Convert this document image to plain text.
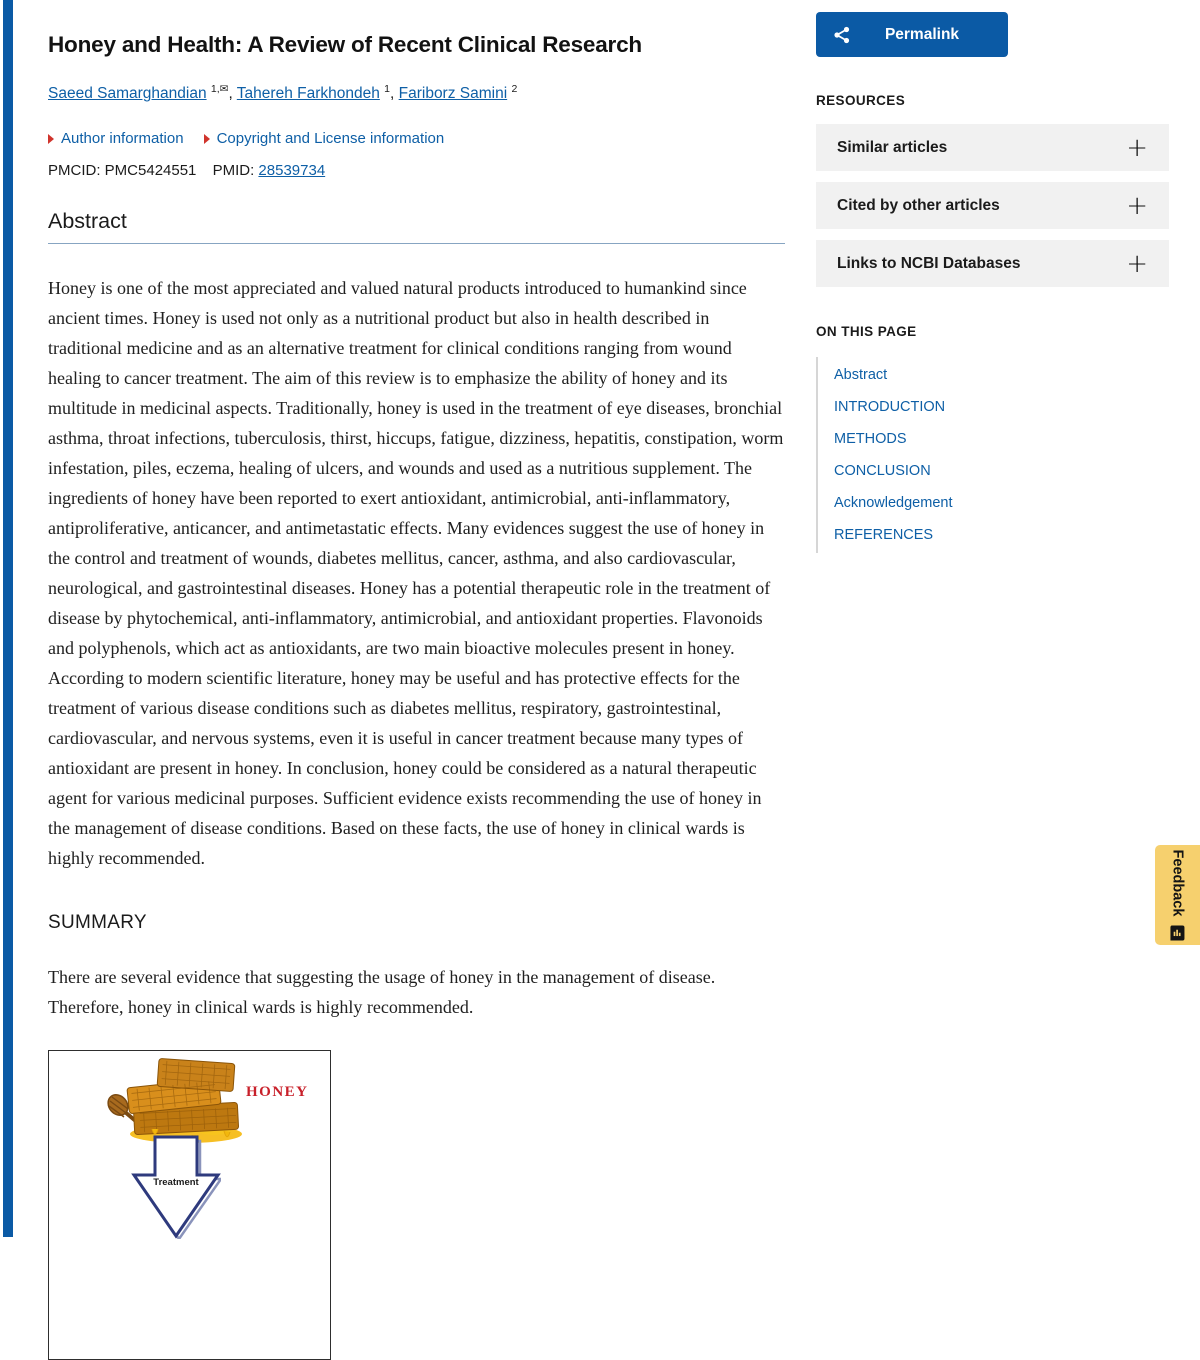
Honey and Health: A Review of Recent Clinical Research
Saeed Samarghandian $^{1,✉}$, Tahereh Farkhondeh $^1$, Fariborz Samini $^2$
Author information Copyright and License information
PMCID: PMC5424551 PMID: 28539734
Abstract

Honey is one of the most appreciated and valued natural products introduced to humankind since ancient times. Honey is used not only as a nutritional product but also in health described in traditional medicine and as an alternative treatment for clinical conditions ranging from wound healing to cancer treatment. The aim of this review is to emphasize the ability of honey and its multitude in medicinal aspects. Traditionally, honey is used in the treatment of eye diseases, bronchial asthma, throat infections, tuberculosis, thirst, hiccups, fatigue, dizziness, hepatitis, constipation, worm infestation, piles, eczema, healing of ulcers, and wounds and used as a nutritious supplement. The ingredients of honey have been reported to exert antioxidant, antimicrobial, anti-inflammatory, antiproliferative, anticancer, and antimetastatic effects. Many evidences suggest the use of honey in the control and treatment of wounds, diabetes mellitus, cancer, asthma, and also cardiovascular, neurological, and gastrointestinal diseases. Honey has a potential therapeutic role in the treatment of disease by phytochemical, anti-inflammatory, antimicrobial, and antioxidant properties. Flavonoids and polyphenols, which act as antioxidants, are two main bioactive molecules present in honey. According to modern scientific literature, honey may be useful and has protective effects for the treatment of various disease conditions such as diabetes mellitus, respiratory, gastrointestinal, cardiovascular, and nervous systems, even it is useful in cancer treatment because many types of antioxidant are present in honey. In conclusion, honey could be considered as a natural therapeutic agent for various medicinal purposes. Sufficient evidence exists recommending the use of honey in the management of disease conditions. Based on these facts, the use of honey in clinical wards is highly recommended.

SUMMARY

There are several evidence that suggesting the usage of honey in the management of disease. Therefore, honey in clinical wards is highly recommended.

HONEY
Treatment
Permalink
RESOURCES
Similar articles	+
Cited by other articles	+
Links to NCBI Databases	+
ON THIS PAGE
Abstract
INTRODUCTION
METHODS
CONCLUSION
Acknowledgement
REFERENCES
Feedback
